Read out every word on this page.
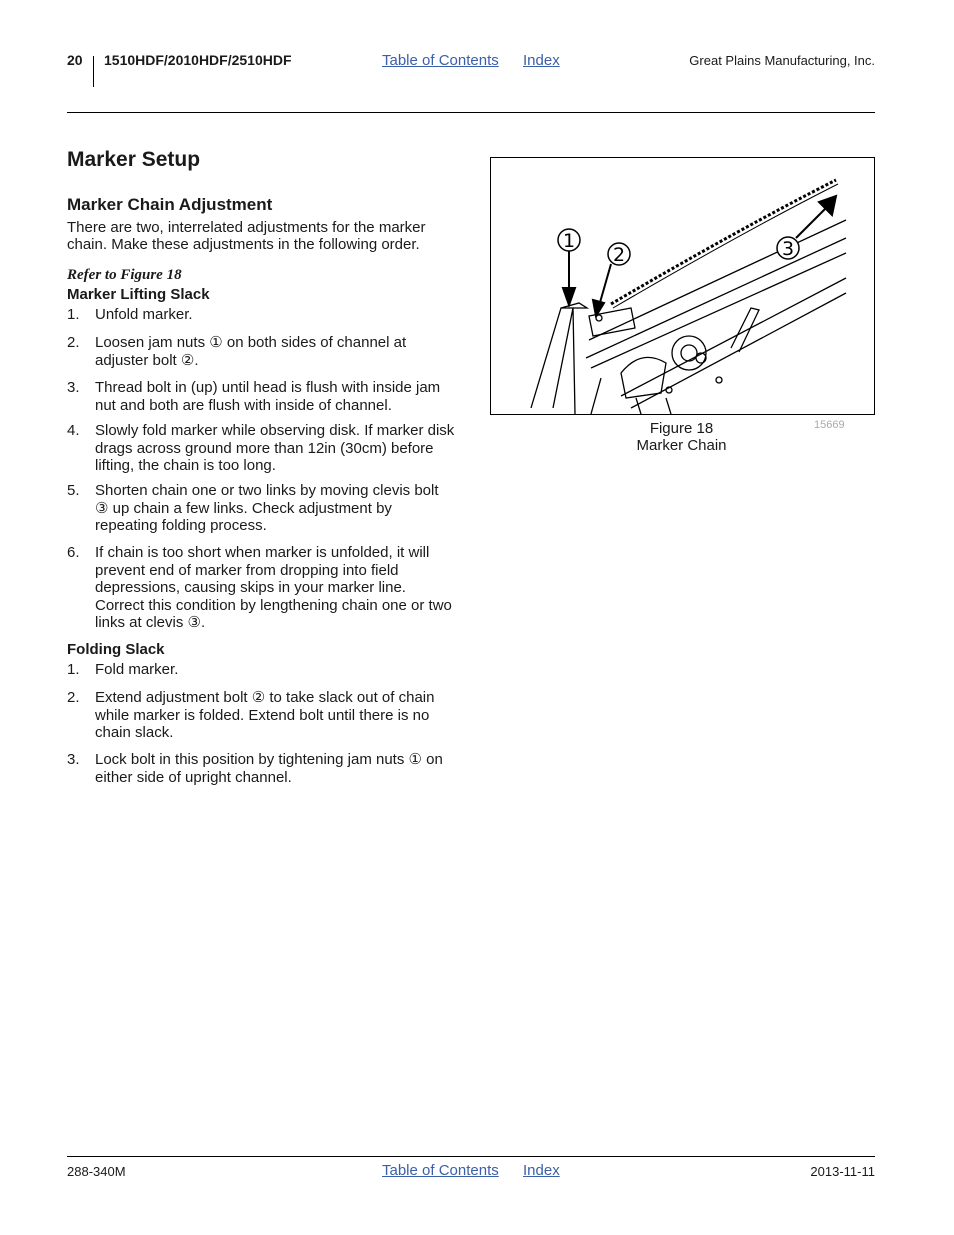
20 1510HDF/2010HDF/2510HDF	Table of Contents Index	Great Plains Manufacturing, Inc.
Marker Setup
Marker Chain Adjustment
There are two, interrelated adjustments for the marker chain. Make these adjustments in the following order.
Refer to Figure 18
Marker Lifting Slack
1. Unfold marker.
2. Loosen jam nuts ① on both sides of channel at adjuster bolt ②.
3. Thread bolt in (up) until head is flush with inside jam nut and both are flush with inside of channel.
4. Slowly fold marker while observing disk. If marker disk drags across ground more than 12in (30cm) before lifting, the chain is too long.
5. Shorten chain one or two links by moving clevis bolt ③ up chain a few links. Check adjustment by repeating folding process.
6. If chain is too short when marker is unfolded, it will prevent end of marker from dropping into field depressions, causing skips in your marker line. Correct this condition by lengthening chain one or two links at clevis ③.
Folding Slack
1. Fold marker.
2. Extend adjustment bolt ② to take slack out of chain while marker is folded. Extend bolt until there is no chain slack.
3. Lock bolt in this position by tightening jam nuts ① on either side of upright channel.
1
2	3
Figure 18
Marker Chain
15669
288-340M	Table of Contents Index	2013-11-11
